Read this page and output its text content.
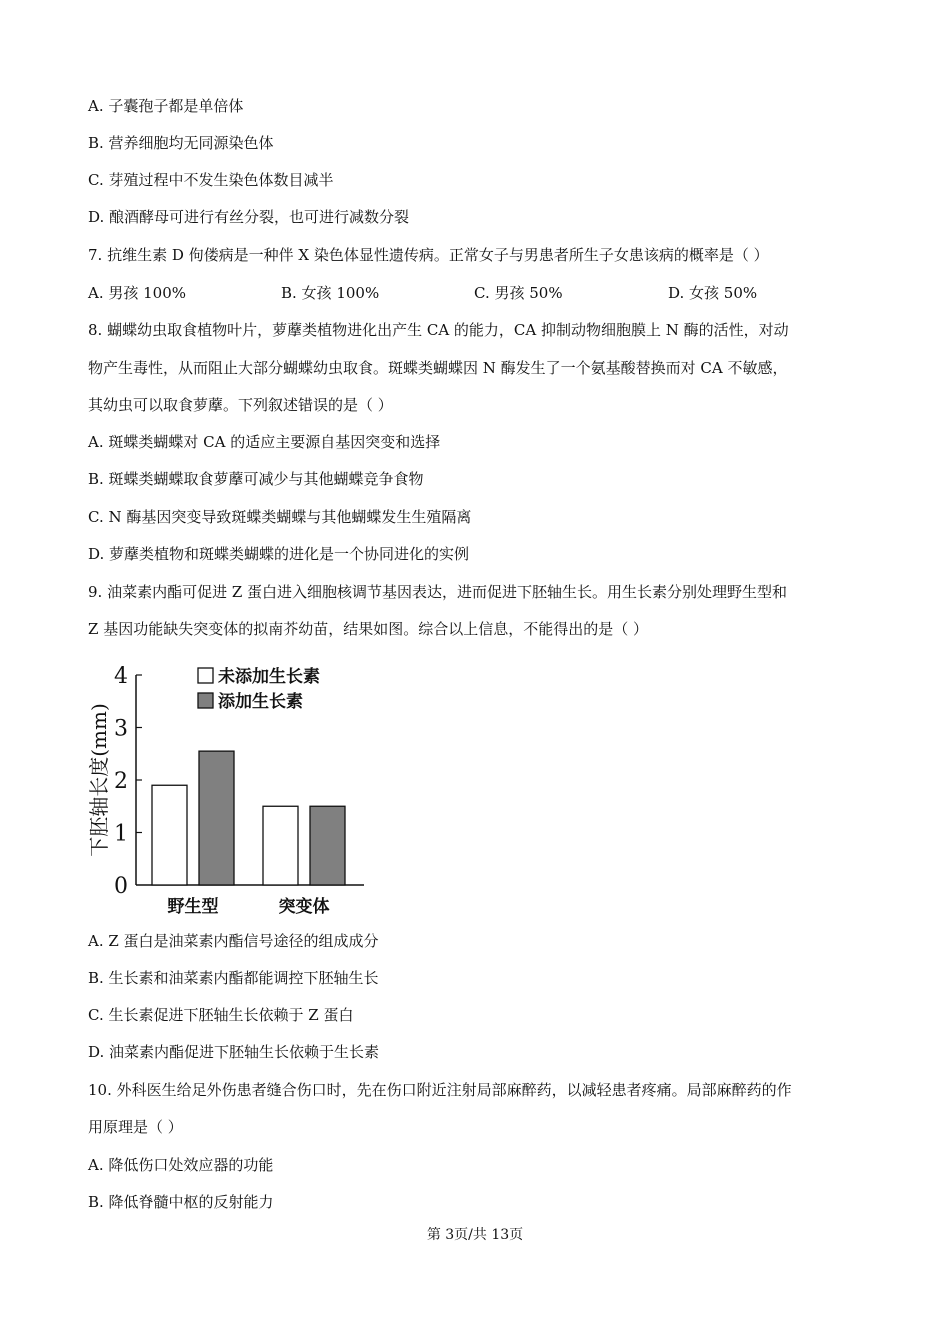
A. 子囊孢子都是单倍体
B. 营养细胞均无同源染色体
C. 芽殖过程中不发生染色体数目减半
D. 酿酒酵母可进行有丝分裂，也可进行减数分裂
7. 抗维生素 D 佝偻病是一种伴 X 染色体显性遗传病。正常女子与男患者所生子女患该病的概率是（ ）
A. 男孩 100%	B. 女孩 100%	C. 男孩 50%	D. 女孩 50%
8. 蝴蝶幼虫取食植物叶片，萝藦类植物进化出产生 CA 的能力，CA 抑制动物细胞膜上 N 酶的活性，对动
物产生毒性，从而阻止大部分蝴蝶幼虫取食。斑蝶类蝴蝶因 N 酶发生了一个氨基酸替换而对 CA 不敏感，
其幼虫可以取食萝藦。下列叙述错误的是（ ）
A. 斑蝶类蝴蝶对 CA 的适应主要源自基因突变和选择
B. 斑蝶类蝴蝶取食萝藦可减少与其他蝴蝶竞争食物
C. N 酶基因突变导致斑蝶类蝴蝶与其他蝴蝶发生生殖隔离
D. 萝藦类植物和斑蝶类蝴蝶的进化是一个协同进化的实例
9. 油菜素内酯可促进 Z 蛋白进入细胞核调节基因表达，进而促进下胚轴生长。用生长素分别处理野生型和
Z 基因功能缺失突变体的拟南芥幼苗，结果如图。综合以上信息，不能得出的是（ ）
0
1
2
3
4
下胚轴长度(mm)
野生型	突变体
未添加生长素
添加生长素
A. Z 蛋白是油菜素内酯信号途径的组成成分
B. 生长素和油菜素内酯都能调控下胚轴生长
C. 生长素促进下胚轴生长依赖于 Z 蛋白
D. 油菜素内酯促进下胚轴生长依赖于生长素
10. 外科医生给足外伤患者缝合伤口时，先在伤口附近注射局部麻醉药，以减轻患者疼痛。局部麻醉药的作
用原理是（ ）
A. 降低伤口处效应器的功能
B. 降低脊髓中枢的反射能力
第 3页/共 13页
